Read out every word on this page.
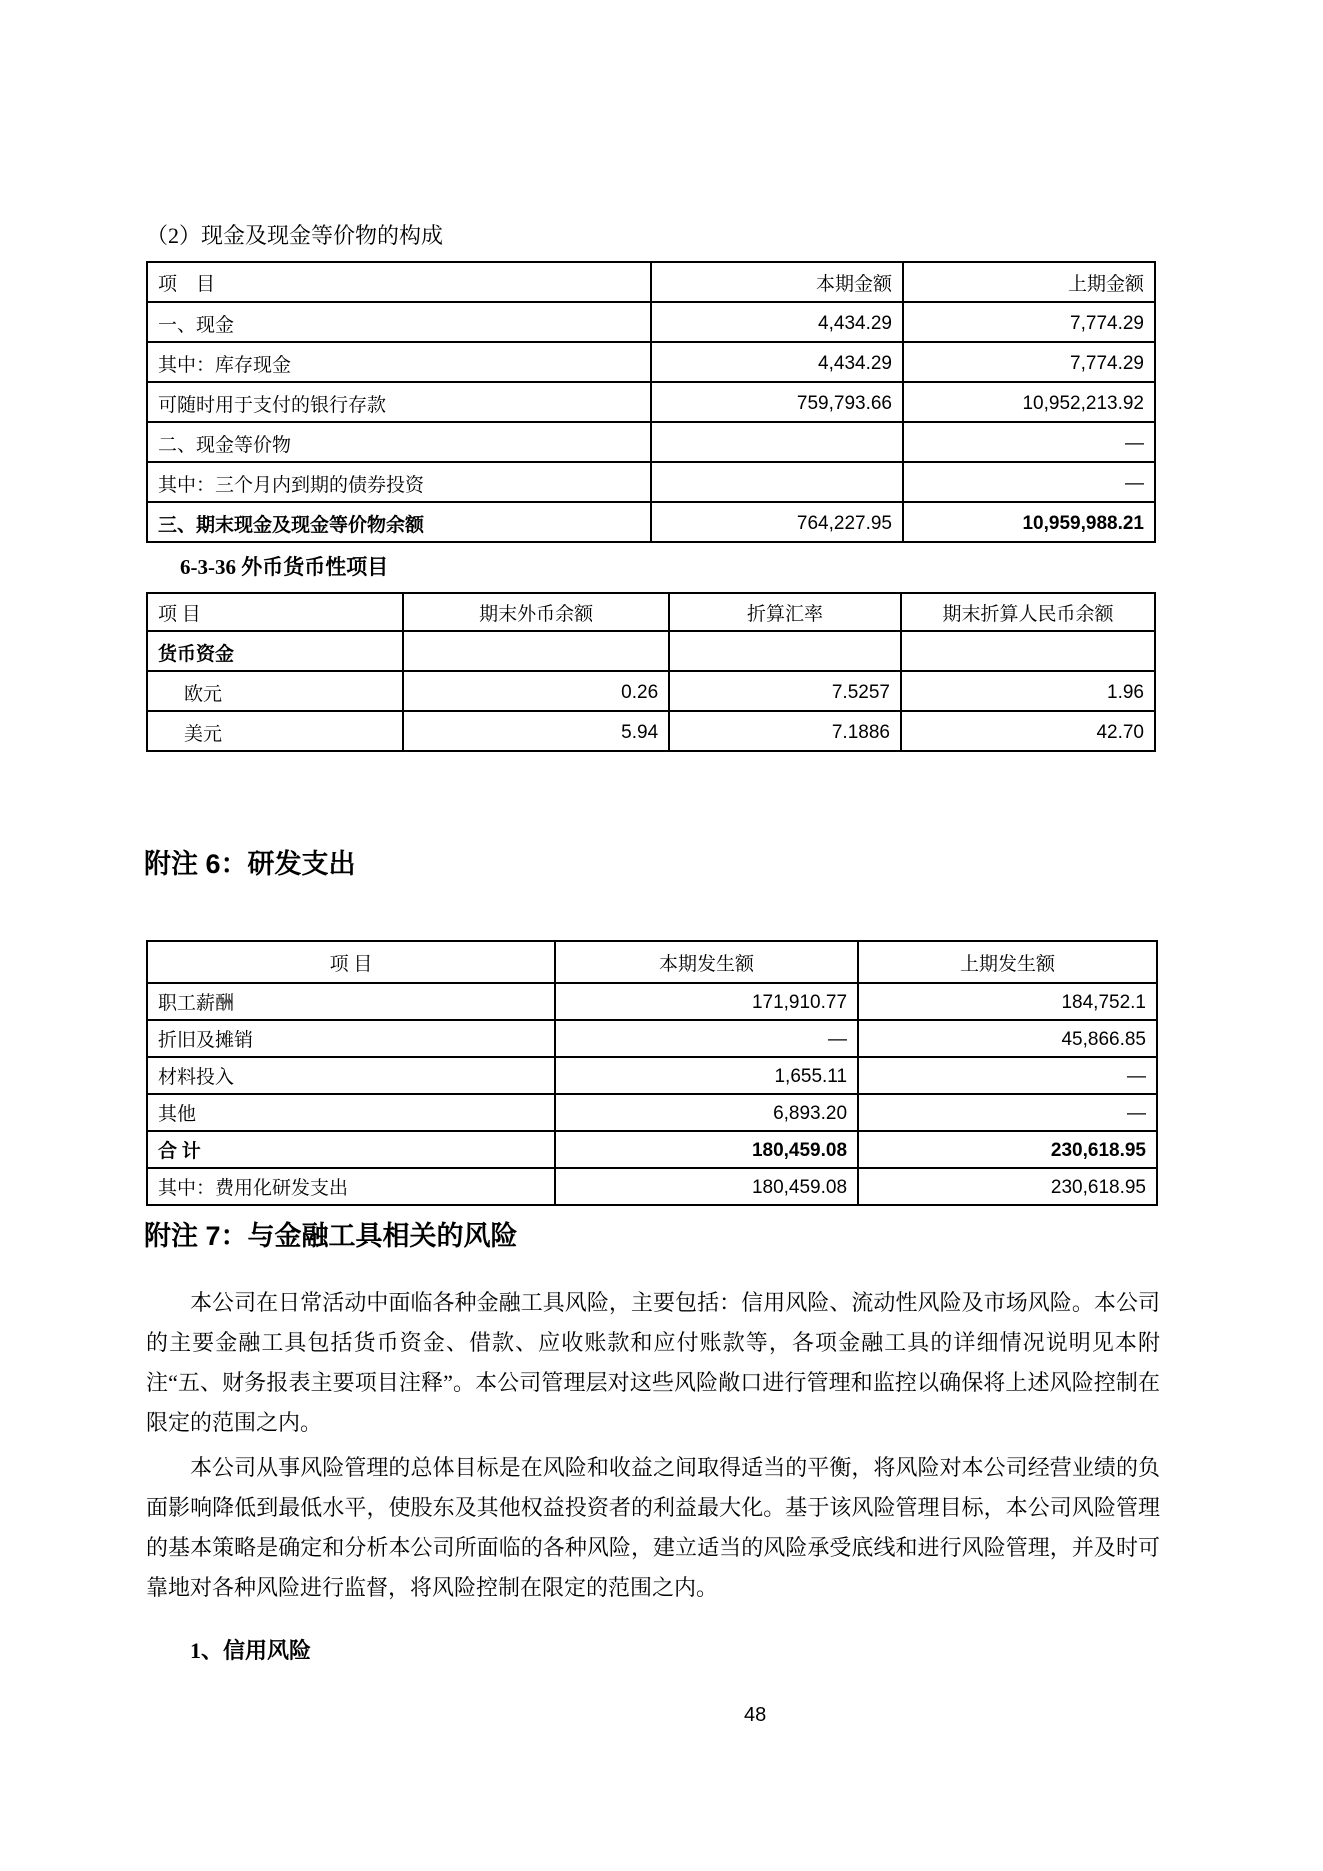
（2）现金及现金等价物的构成
项　目	本期金额	上期金额
一、现金	4,434.29	7,774.29
其中：库存现金	4,434.29	7,774.29
可随时用于支付的银行存款	759,793.66	10,952,213.92
二、现金等价物		—
其中：三个月内到期的债券投资		—
三、期末现金及现金等价物余额	764,227.95	10,959,988.21
6-3-36 外币货币性项目
项 目	期末外币余额	折算汇率	期末折算人民币余额
货币资金			
欧元	0.26	7.5257	1.96
美元	5.94	7.1886	42.70
附注 6：研发支出
项 目	本期发生额	上期发生额
职工薪酬	171,910.77	184,752.1
折旧及摊销	—	45,866.85
材料投入	1,655.11	—
其他	6,893.20	—
合 计	180,459.08	230,618.95
其中：费用化研发支出	180,459.08	230,618.95
附注 7：与金融工具相关的风险
本公司在日常活动中面临各种金融工具风险，主要包括：信用风险、流动性风险及市场风险。本公司的主要金融工具包括货币资金、借款、应收账款和应付账款等，各项金融工具的详细情况说明见本附注“五、财务报表主要项目注释”。本公司管理层对这些风险敞口进行管理和监控以确保将上述风险控制在限定的范围之内。
本公司从事风险管理的总体目标是在风险和收益之间取得适当的平衡，将风险对本公司经营业绩的负面影响降低到最低水平，使股东及其他权益投资者的利益最大化。基于该风险管理目标，本公司风险管理的基本策略是确定和分析本公司所面临的各种风险，建立适当的风险承受底线和进行风险管理，并及时可靠地对各种风险进行监督，将风险控制在限定的范围之内。
1、信用风险
48
